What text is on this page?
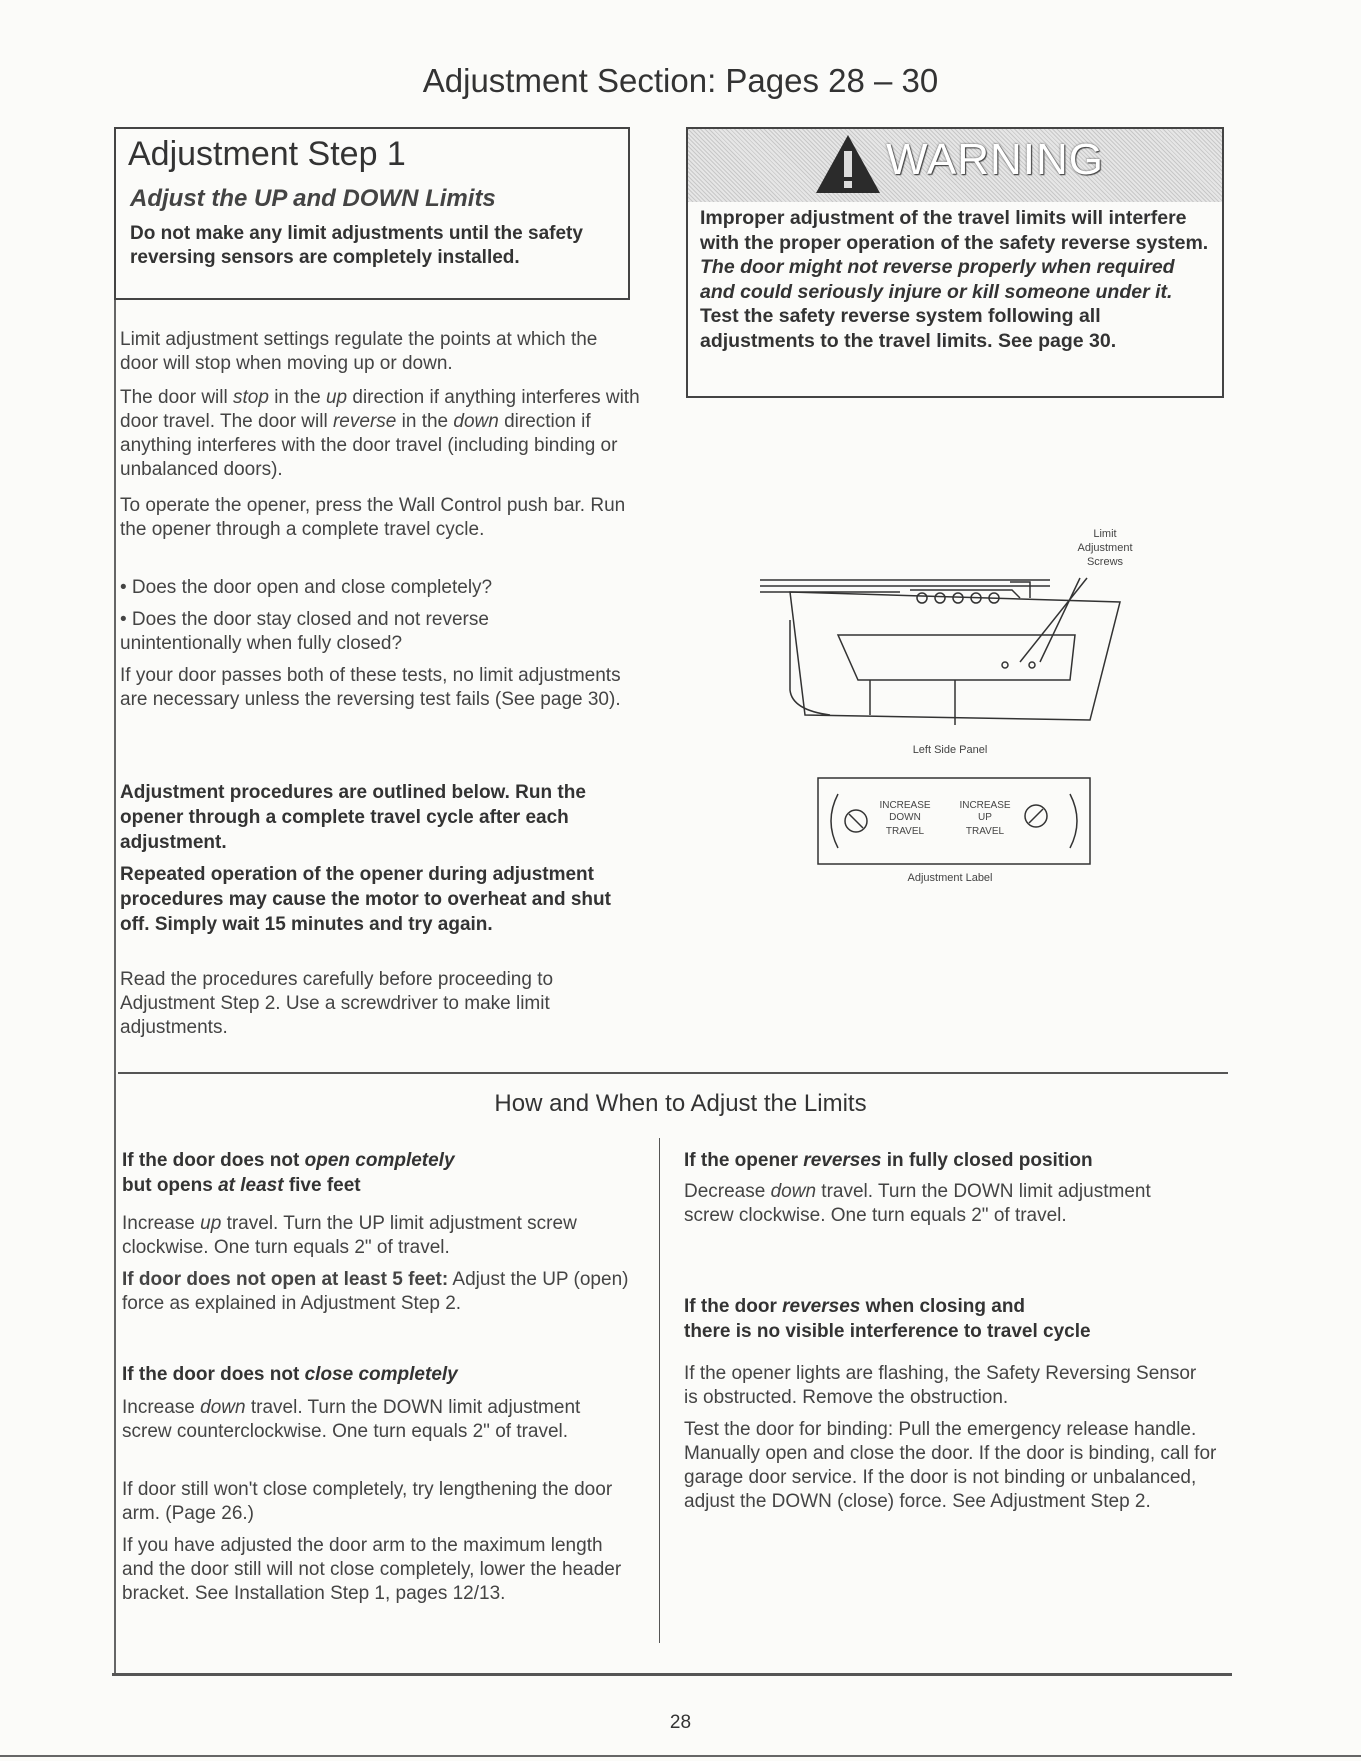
Adjustment Section: Pages 28 – 30
Adjustment Step 1
Adjust the UP and DOWN Limits
Do not make any limit adjustments until the safety reversing sensors are completely installed.
Limit adjustment settings regulate the points at which the door will stop when moving up or down.
The door will stop in the up direction if anything interferes with door travel. The door will reverse in the down direction if anything interferes with the door travel (including binding or unbalanced doors).
To operate the opener, press the Wall Control push bar. Run the opener through a complete travel cycle.
• Does the door open and close completely?
• Does the door stay closed and not reverse unintentionally when fully closed?
If your door passes both of these tests, no limit adjustments are necessary unless the reversing test fails (See page 30).
Adjustment procedures are outlined below. Run the opener through a complete travel cycle after each adjustment.
Repeated operation of the opener during adjustment procedures may cause the motor to overheat and shut off. Simply wait 15 minutes and try again.
Read the procedures carefully before proceeding to Adjustment Step 2. Use a screwdriver to make limit adjustments.
WARNING
Improper adjustment of the travel limits will interfere with the proper operation of the safety reverse system. The door might not reverse properly when required and could seriously injure or kill someone under it. Test the safety reverse system following all adjustments to the travel limits. See page 30.
Limit
Adjustment
Screws
Left Side Panel
INCREASE
DOWN
TRAVEL
INCREASE
UP
TRAVEL
Adjustment Label
How and When to Adjust the Limits
If the door does not open completely
but opens at least five feet
Increase up travel. Turn the UP limit adjustment screw clockwise. One turn equals 2" of travel.
If door does not open at least 5 feet: Adjust the UP (open) force as explained in Adjustment Step 2.
If the door does not close completely
Increase down travel. Turn the DOWN limit adjustment screw counterclockwise. One turn equals 2" of travel.
If door still won't close completely, try lengthening the door arm. (Page 26.)
If you have adjusted the door arm to the maximum length and the door still will not close completely, lower the header bracket. See Installation Step 1, pages 12/13.
If the opener reverses in fully closed position
Decrease down travel. Turn the DOWN limit adjustment screw clockwise. One turn equals 2" of travel.
If the door reverses when closing and
there is no visible interference to travel cycle
If the opener lights are flashing, the Safety Reversing Sensor is obstructed. Remove the obstruction.
Test the door for binding: Pull the emergency release handle. Manually open and close the door. If the door is binding, call for garage door service. If the door is not binding or unbalanced, adjust the DOWN (close) force. See Adjustment Step 2.
28
